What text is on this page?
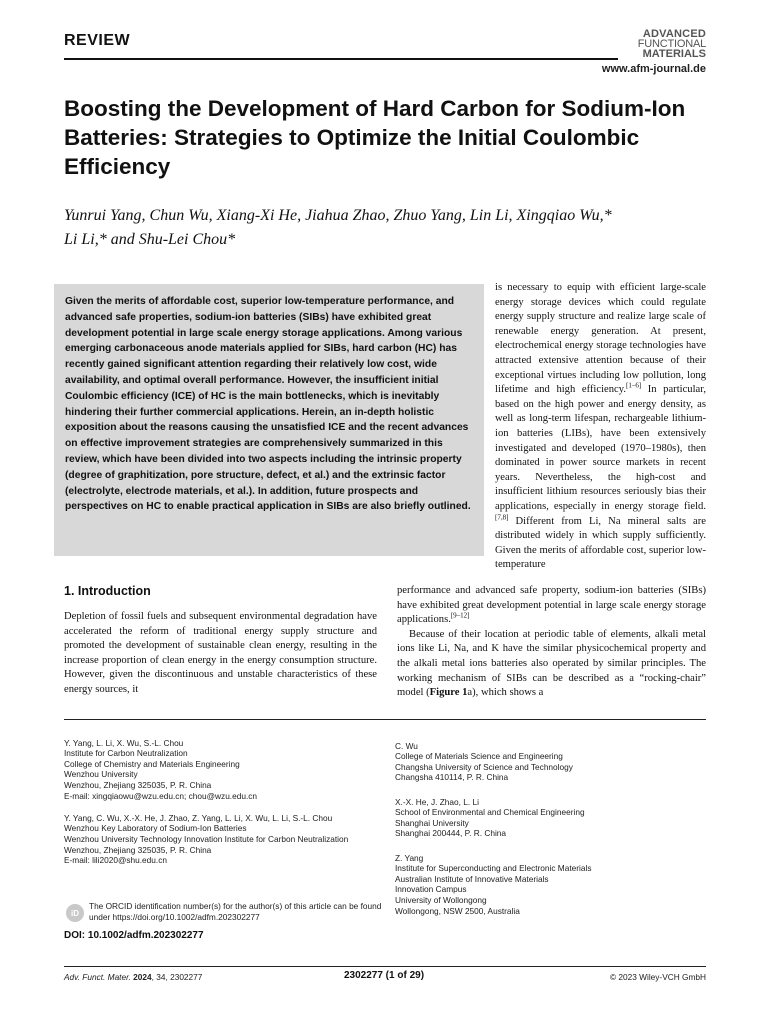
REVIEW	ADVANCED
FUNCTIONAL
MATERIALS
www.afm-journal.de
Boosting the Development of Hard Carbon for Sodium-Ion Batteries: Strategies to Optimize the Initial Coulombic Efficiency
Yunrui Yang, Chun Wu, Xiang-Xi He, Jiahua Zhao, Zhuo Yang, Lin Li, Xingqiao Wu,*
Li Li,* and Shu-Lei Chou*
Given the merits of affordable cost, superior low-temperature performance, and advanced safe properties, sodium-ion batteries (SIBs) have exhibited great development potential in large scale energy storage applications. Among various emerging carbonaceous anode materials applied for SIBs, hard carbon (HC) has recently gained significant attention regarding their relatively low cost, wide availability, and optimal overall performance. However, the insufficient initial Coulombic efficiency (ICE) of HC is the main bottlenecks, which is inevitably hindering their further commercial applications. Herein, an in-depth holistic exposition about the reasons causing the unsatisfied ICE and the recent advances on effective improvement strategies are comprehensively summarized in this review, which have been divided into two aspects including the intrinsic property (degree of graphitization, pore structure, defect, et al.) and the extrinsic factor (electrolyte, electrode materials, et al.). In addition, future prospects and perspectives on HC to enable practical application in SIBs are also briefly outlined.
is necessary to equip with efficient large-scale energy storage devices which could regulate energy supply structure and realize large scale of renewable energy generation. At present, electrochemical energy storage technologies have attracted extensive attention because of their exceptional virtues including low pollution, long lifetime and high efficiency.[1–6] In particular, based on the high power and energy density, as well as long-term lifespan, rechargeable lithium-ion batteries (LIBs), have been extensively investigated and developed (1970–1980s), then dominated in power source markets in recent years. Nevertheless, the high-cost and insufficient lithium resources seriously bias their applications, especially in energy storage field.[7,8] Different from Li, Na mineral salts are distributed widely in which supply sufficiently. Given the merits of affordable cost, superior low-temperature
1. Introduction
Depletion of fossil fuels and subsequent environmental degradation have accelerated the reform of traditional energy supply structure and promoted the development of sustainable clean energy, resulting in the increase proportion of clean energy in the energy consumption structure. However, given the discontinuous and unstable characteristics of these energy sources, it
performance and advanced safe property, sodium-ion batteries (SIBs) have exhibited great development potential in large scale energy storage applications.[9–12]
Because of their location at periodic table of elements, alkali metal ions like Li, Na, and K have the similar physicochemical property and the alkali metal ions batteries also operated by similar principles. The working mechanism of SIBs can be described as a “rocking-chair” model (Figure 1a), which shows a

Y. Yang, L. Li, X. Wu, S.-L. Chou
Institute for Carbon Neutralization
College of Chemistry and Materials Engineering
Wenzhou University
Wenzhou, Zhejiang 325035, P. R. China
E-mail: xingqiaowu@wzu.edu.cn; chou@wzu.edu.cn

Y. Yang, C. Wu, X.-X. He, J. Zhao, Z. Yang, L. Li, X. Wu, L. Li, S.-L. Chou
Wenzhou Key Laboratory of Sodium-Ion Batteries
Wenzhou University Technology Innovation Institute for Carbon Neutralization
Wenzhou, Zhejiang 325035, P. R. China
E-mail: lili2020@shu.edu.cn

C. Wu
College of Materials Science and Engineering
Changsha University of Science and Technology
Changsha 410114, P. R. China

X.-X. He, J. Zhao, L. Li
School of Environmental and Chemical Engineering
Shanghai University
Shanghai 200444, P. R. China

Z. Yang
Institute for Superconducting and Electronic Materials
Australian Institute of Innovative Materials
Innovation Campus
University of Wollongong
Wollongong, NSW 2500, Australia

iD
The ORCID identification number(s) for the author(s) of this article can be found under https://doi.org/10.1002/adfm.202302277
DOI: 10.1002/adfm.202302277
Adv. Funct. Mater. 2024, 34, 2302277	2302277 (1 of 29)	© 2023 Wiley-VCH GmbH
